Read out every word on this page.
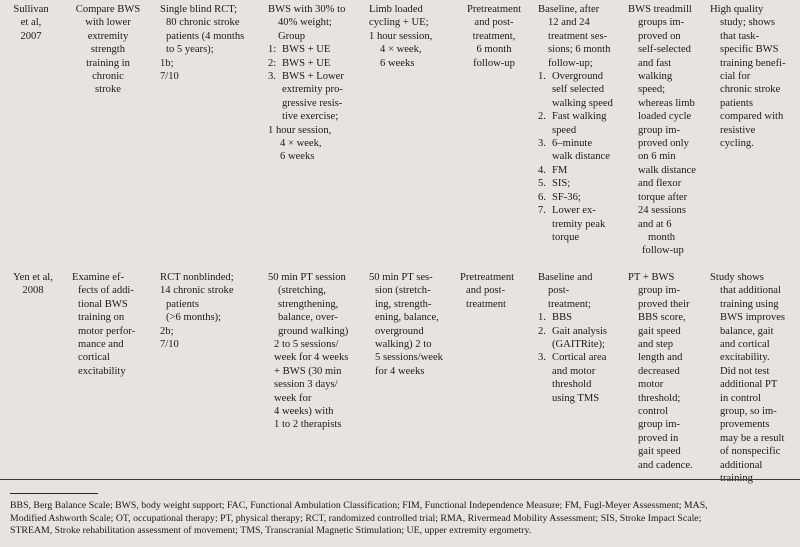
Sullivan
et al,
2007
Compare BWS
with lower
extremity
strength
training in
chronic
stroke
Single blind RCT;
80 chronic stroke
patients (4 months
to 5 years);
1b;
7/10
BWS with 30% to
40% weight;
Group
1: BWS + UE
2: BWS + UE
3. BWS + Lower
extremity pro-
gressive resis-
tive exercise;
1 hour session,
4 × week,
6 weeks
Limb loaded
cycling + UE;
1 hour session,
4 × week,
6 weeks
Pretreatment
and post-
treatment,
6 month
follow-up
Baseline, after
12 and 24
treatment ses-
sions; 6 month
follow-up;
1. Overground
self selected
walking speed
2. Fast walking
speed
3. 6–minute
walk distance
4. FM
5. SIS;
6. SF-36;
7. Lower ex-
tremity peak
torque
BWS treadmill
groups im-
proved on
self-selected
and fast
walking
speed;
whereas limb
loaded cycle
group im-
proved only
on 6 min
walk distance
and flexor
torque after
24 sessions
and at 6
month
follow-up
High quality
study; shows
that task-
specific BWS
training benefi-
cial for
chronic stroke
patients
compared with
resistive
cycling.
Yen et al,
2008
Examine ef-
fects of addi-
tional BWS
training on
motor perfor-
mance and
cortical
excitability
RCT nonblinded;
14 chronic stroke
patients
(>6 months);
2b;
7/10
50 min PT session
(stretching,
strengthening,
balance, over-
ground walking)
2 to 5 sessions/
week for 4 weeks
+ BWS (30 min
session 3 days/
week for
4 weeks) with
1 to 2 therapists
50 min PT ses-
sion (stretch-
ing, strength-
ening, balance,
overground
walking) 2 to
5 sessions/week
for 4 weeks
Pretreatment
and post-
treatment
Baseline and
post-
treatment;
1. BBS
2. Gait analysis
(GAITRite);
3. Cortical area
and motor
threshold
using TMS
PT + BWS
group im-
proved their
BBS score,
gait speed
and step
length and
decreased
motor
threshold;
control
group im-
proved in
gait speed
and cadence.
Study shows
that additional
training using
BWS improves
balance, gait
and cortical
excitability.
Did not test
additional PT
in control
group, so im-
provements
may be a result
of nonspecific
additional
BBS, Berg Balance Scale; BWS, body weight support; FAC, Functional Ambulation Classification; FIM, Functional Independence Measure; FM, Fugl-Meyer Assessment; MAS,
Modified Ashworth Scale; OT, occupational therapy; PT, physical therapy; RCT, randomized controlled trial; RMA, Rivermead Mobility Assessment; SIS, Stroke Impact Scale;
STREAM, Stroke rehabilitation assessment of movement; TMS, Transcranial Magnetic Stimulation; UE, upper extremity ergometry.
